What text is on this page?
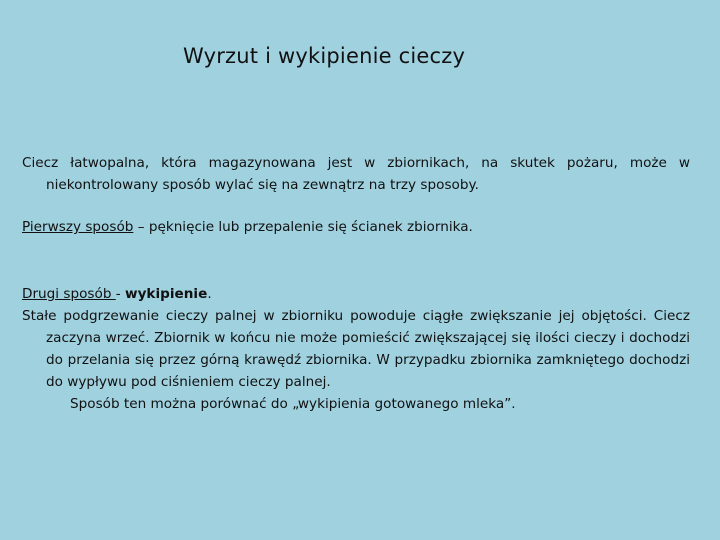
Wyrzut i wykipienie cieczy

Ciecz łatwopalna, która magazynowana jest w zbiornikach, na skutek pożaru, może w niekontrolowany sposób wylać się na zewnątrz na trzy sposoby.

Pierwszy sposób – pęknięcie lub przepalenie się ścianek zbiornika.

Drugi sposób - wykipienie.

Stałe podgrzewanie cieczy palnej w zbiorniku powoduje ciągłe zwiększanie jej objętości. Ciecz zaczyna wrzeć. Zbiornik w końcu nie może pomieścić zwiększającej się ilości cieczy i dochodzi do przelania się przez górną krawędź zbiornika. W przypadku zbiornika zamkniętego dochodzi do wypływu pod ciśnieniem cieczy palnej.

Sposób ten można porównać do „wykipienia gotowanego mleka”.
